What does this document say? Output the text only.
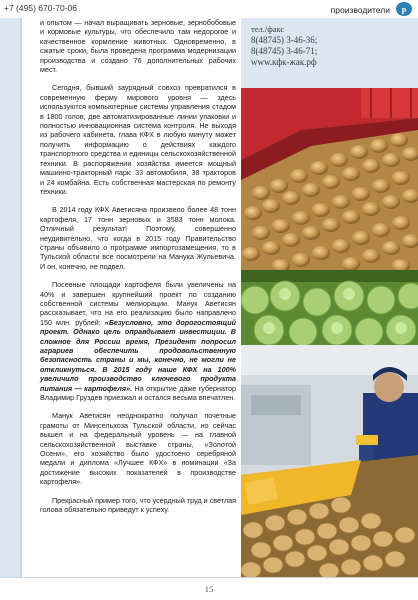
+7 (495) 670-70-06	производители	p

и опытом — начал выращивать зерновые, зернобобовые и кормовые культуры, что обеспечило там недорогое и качественное кормление животных. Одновременно, в сжатые сроки, была проведена программа модернизации производства и создано 76 дополнительных рабочих мест.

Сегодня, бывший заурядный совхоз превратился в современную ферму мирового уровня — здесь используются компьютерные системы управления стадом в 1800 голов, две автоматизированные линии упаковки и полностью инновационная система контроля. Не выходя из рабочего кабинета, глава КФХ в любую минуту может получить информацию о действиях каждого транспортного средства и единицы сельскохозяйственной техники. В распоряжении хозяйства имеется мощный машинно-тракторный парк: 33 автомобиля, 38 тракторов и 24 комбайна. Есть собственная мастерская по ремонту техники.

В 2014 году КФХ Аветисяна произвело более 48 тонн картофеля, 17 тонн зерновых и 3583 тонн молока. Отличный результат! Поэтому, совершенно неудивительно, что когда в 2015 году Правительство страны объявило о программе импортозамещения, то в Тульской области все посмотрели на Манука Жульевича. И он, конечно, не подвел.

Посевные площади картофеля были увеличены на 40% и завершен крупнейший проект по созданию собственной системы мелиорации. Манук Аветисян рассказывает, что на его реализацию было направлено 150 млн. рублей: «Безусловно, это дорогостоящий проект. Однако цель оправдывает инвестиции. В сложное для России время, Президент попросил аграриев обеспечить продовольственную безопасность страны и мы, конечно, не могли не откликнуться. В 2015 году наше КФХ на 100% увеличило производство ключевого продукта питания — картофеля». На открытие даже губернатор Владимир Груздев приезжал и остался весьма впечатлен.

Манук Аветисян неоднократно получал почетные грамоты от Минсельхоза Тульской области, но сейчас вышел и на федеральный уровень — на главной сельскохозяйственной выставке страны, «Золотой Осени», его хозяйство было удостоено серебряной медали и диплома «Лучшее КФХ» в номинации «За достижение высоких показателей в производстве картофеля».

Прекрасный пример того, что усердный труд и светлая голова обязательно приведут к успеху.

тел./факс
8(48745) 3-46-36;
8(48745) 3-46-71;
www.кфк-жак.рф
15
